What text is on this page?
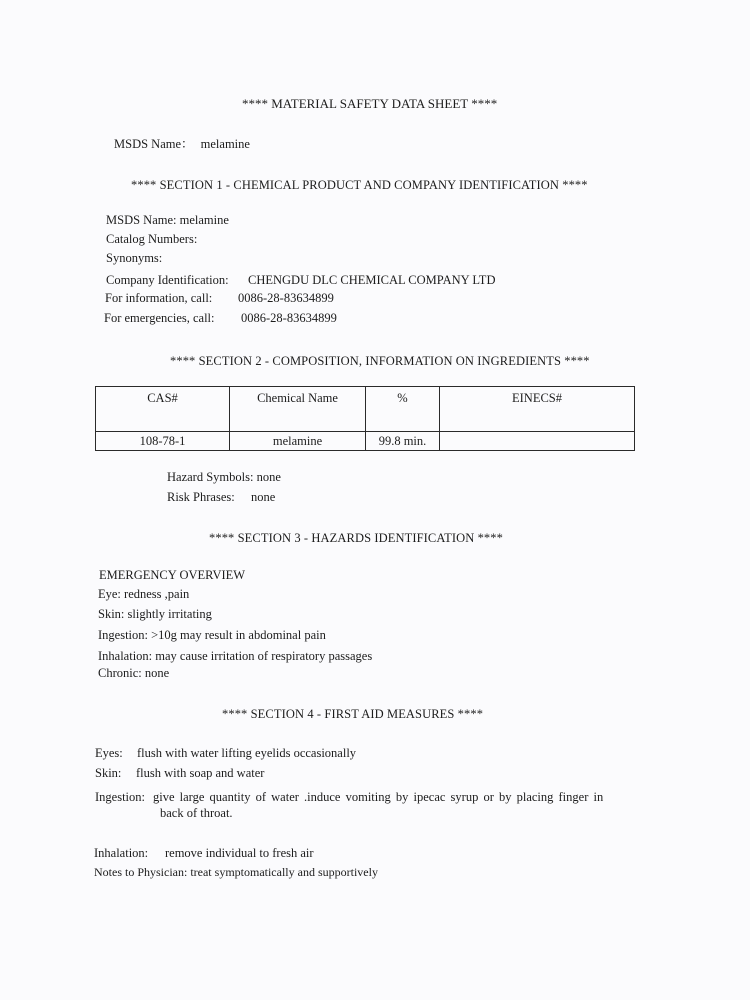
**** MATERIAL SAFETY DATA SHEET ****
MSDS Name： melamine
**** SECTION 1 - CHEMICAL PRODUCT AND COMPANY IDENTIFICATION ****
MSDS Name: melamine
Catalog Numbers:
Synonyms:
Company Identification: CHENGDU DLC CHEMICAL COMPANY LTD
For information, call: 0086-28-83634899
For emergencies, call: 0086-28-83634899
**** SECTION 2 - COMPOSITION, INFORMATION ON INGREDIENTS ****
CAS#	Chemical Name	%	EINECS#
108-78-1	melamine	99.8 min.	
Hazard Symbols: none
Risk Phrases: none
**** SECTION 3 - HAZARDS IDENTIFICATION ****
EMERGENCY OVERVIEW
Eye: redness ,pain
Skin: slightly irritating
Ingestion: >10g may result in abdominal pain
Inhalation: may cause irritation of respiratory passages
Chronic: none
**** SECTION 4 - FIRST AID MEASURES ****
Eyes: flush with water lifting eyelids occasionally
Skin: flush with soap and water
Ingestion: give large quantity of water .induce vomiting by ipecac syrup or by placing finger in
back of throat.
Inhalation: remove individual to fresh air
Notes to Physician: treat symptomatically and supportively
